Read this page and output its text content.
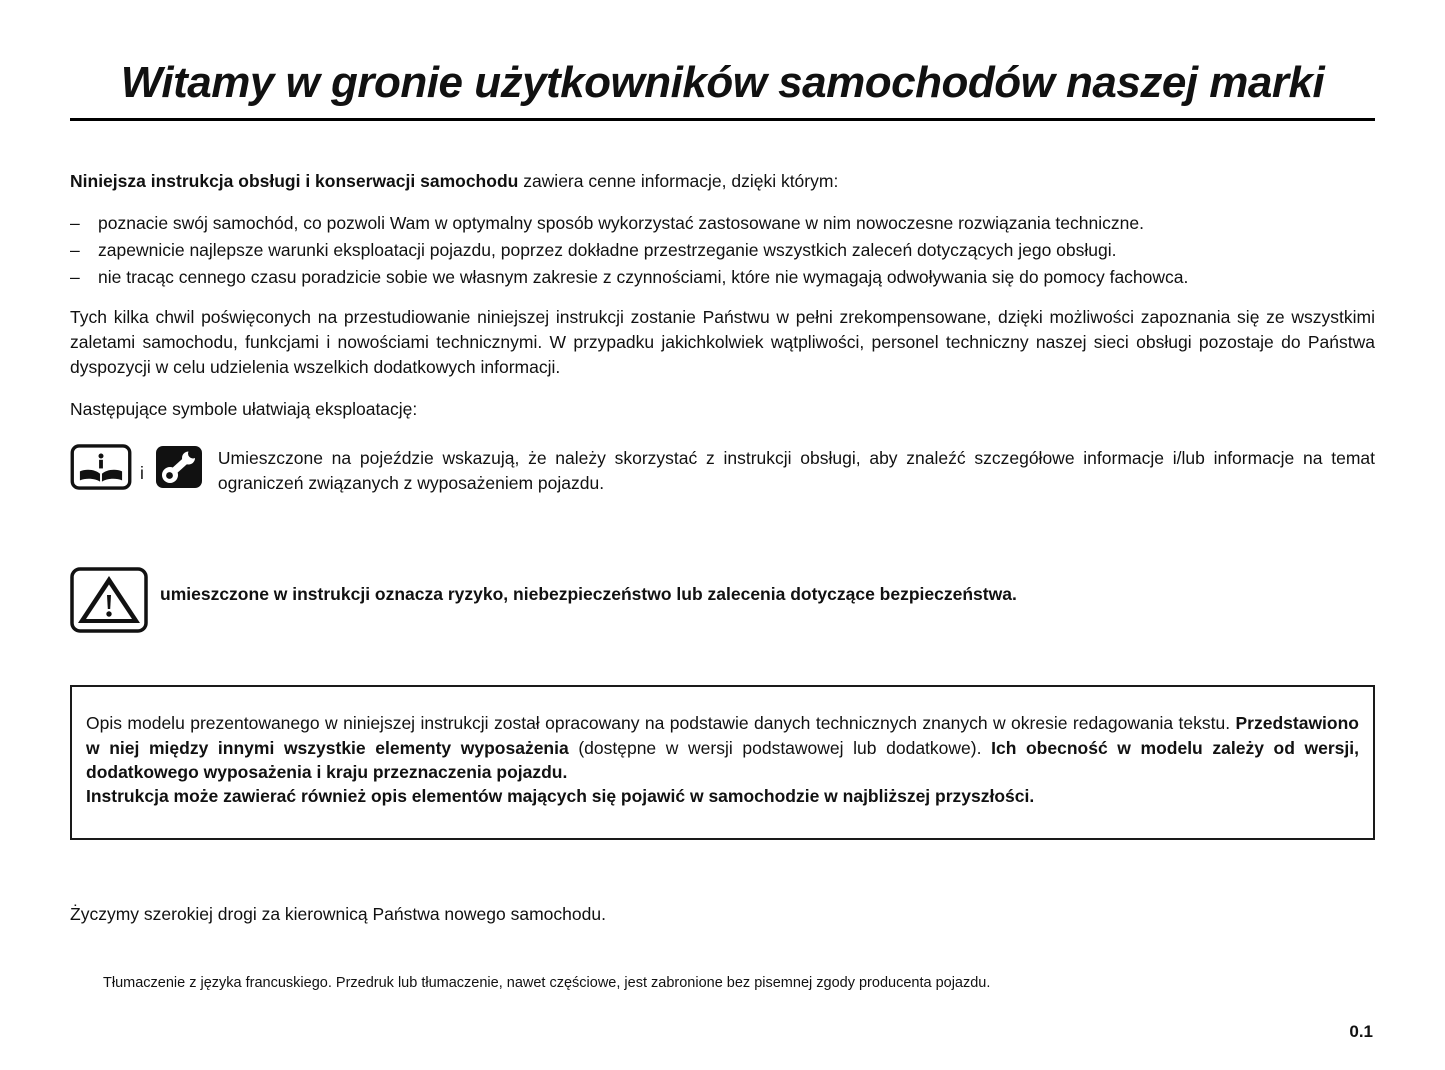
Witamy w gronie użytkowników samochodów naszej marki

Niniejsza instrukcja obsługi i konserwacji samochodu zawiera cenne informacje, dzięki którym:

–	poznacie swój samochód, co pozwoli Wam w optymalny sposób wykorzystać zastosowane w nim nowoczesne rozwiązania techniczne.
–	zapewnicie najlepsze warunki eksploatacji pojazdu, poprzez dokładne przestrzeganie wszystkich zaleceń dotyczących jego obsługi.
–	nie tracąc cennego czasu poradzicie sobie we własnym zakresie z czynnościami, które nie wymagają odwoływania się do pomocy fachowca.

Tych kilka chwil poświęconych na przestudiowanie niniejszej instrukcji zostanie Państwu w pełni zrekompensowane, dzięki możliwości zapoznania się ze wszystkimi zaletami samochodu, funkcjami i nowościami technicznymi. W przypadku jakichkolwiek wątpliwości, personel techniczny naszej sieci obsługi pozostaje do Państwa dyspozycji w celu udzielenia wszelkich dodatkowych informacji.

Następujące symbole ułatwiają eksploatację:

i
Umieszczone na pojeździe wskazują, że należy skorzystać z instrukcji obsługi, aby znaleźć szczegółowe informacje i/lub informacje na temat ograniczeń związanych z wyposażeniem pojazdu.
umieszczone w instrukcji oznacza ryzyko, niebezpieczeństwo lub zalecenia dotyczące bezpieczeństwa.

Opis modelu prezentowanego w niniejszej instrukcji został opracowany na podstawie danych technicznych znanych w okresie redagowania tekstu. Przedstawiono w niej między innymi wszystkie elementy wyposażenia (dostępne w wersji podstawowej lub dodatkowe). Ich obecność w modelu zależy od wersji, dodatkowego wyposażenia i kraju przeznaczenia pojazdu.

Instrukcja może zawierać również opis elementów mających się pojawić w samochodzie w najbliższej przyszłości.

Życzymy szerokiej drogi za kierownicą Państwa nowego samochodu.

Tłumaczenie z języka francuskiego. Przedruk lub tłumaczenie, nawet częściowe, jest zabronione bez pisemnej zgody producenta pojazdu.

0.1
